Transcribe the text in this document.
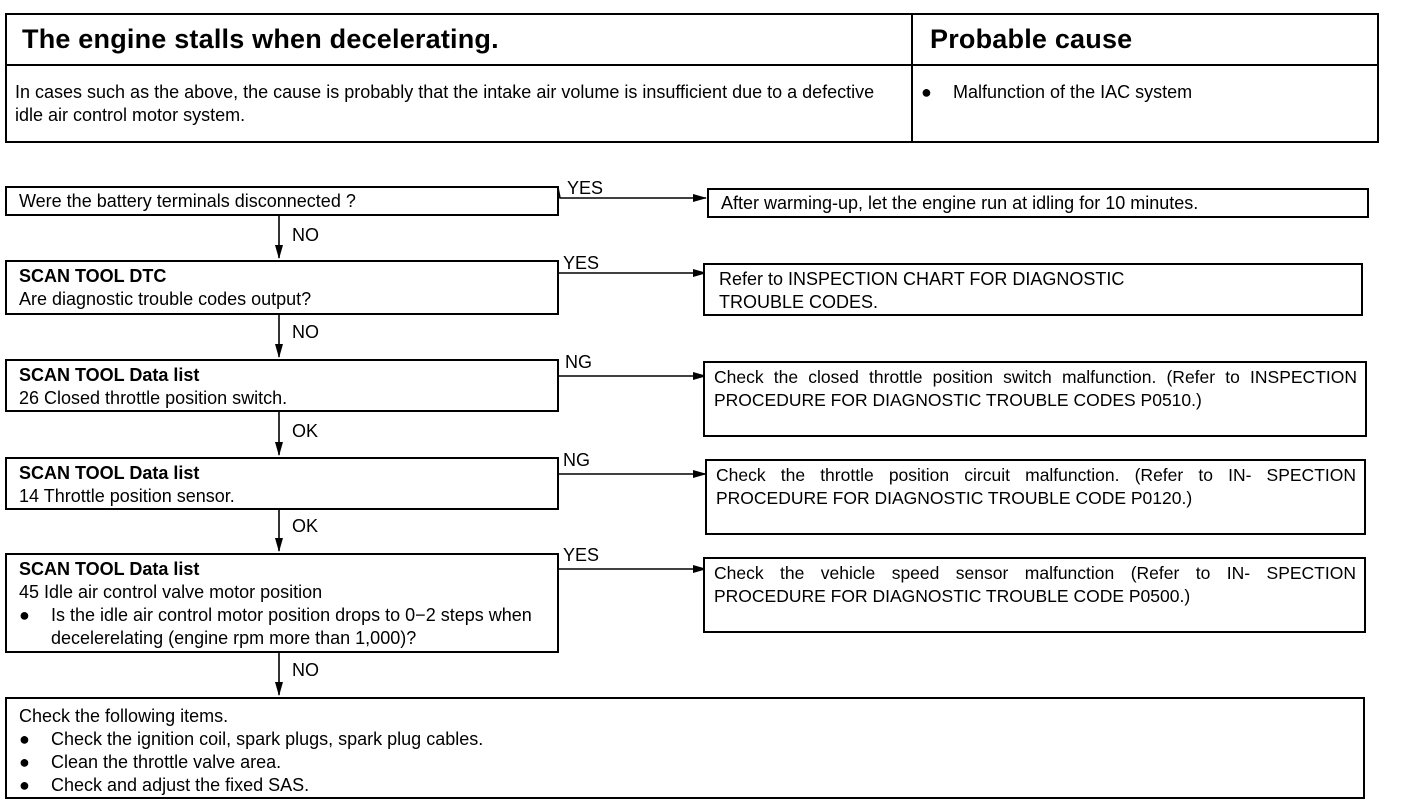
The engine stalls when decelerating.	Probable cause
In cases such as the above, the cause is probably that the intake air volume is insufficient due to a defective idle air control motor system.
●	Malfunction of the IAC system
Were the battery terminals disconnected ?
YES
After warming-up, let the engine run at idling for 10 minutes.
NO
SCAN TOOL DTC
Are diagnostic trouble codes output?
YES
Refer to INSPECTION CHART FOR DIAGNOSTIC TROUBLE CODES.
NO
SCAN TOOL Data list
26 Closed throttle position switch.
NG
Check the closed throttle position switch malfunction. (Refer to INSPECTION PROCEDURE FOR DIAGNOSTIC TROUBLE CODES P0510.)
OK
SCAN TOOL Data list
14 Throttle position sensor.
NG
Check the throttle position circuit malfunction. (Refer to IN- SPECTION PROCEDURE FOR DIAGNOSTIC TROUBLE CODE P0120.)
OK
SCAN TOOL Data list
45 Idle air control valve motor position
●	Is the idle air control motor position drops to 0−2 steps when decelerelating (engine rpm more than 1,000)?
YES
Check the vehicle speed sensor malfunction (Refer to IN- SPECTION PROCEDURE FOR DIAGNOSTIC TROUBLE CODE P0500.)
NO
Check the following items.
●	Check the ignition coil, spark plugs, spark plug cables.
●	Clean the throttle valve area.
●	Check and adjust the fixed SAS.
